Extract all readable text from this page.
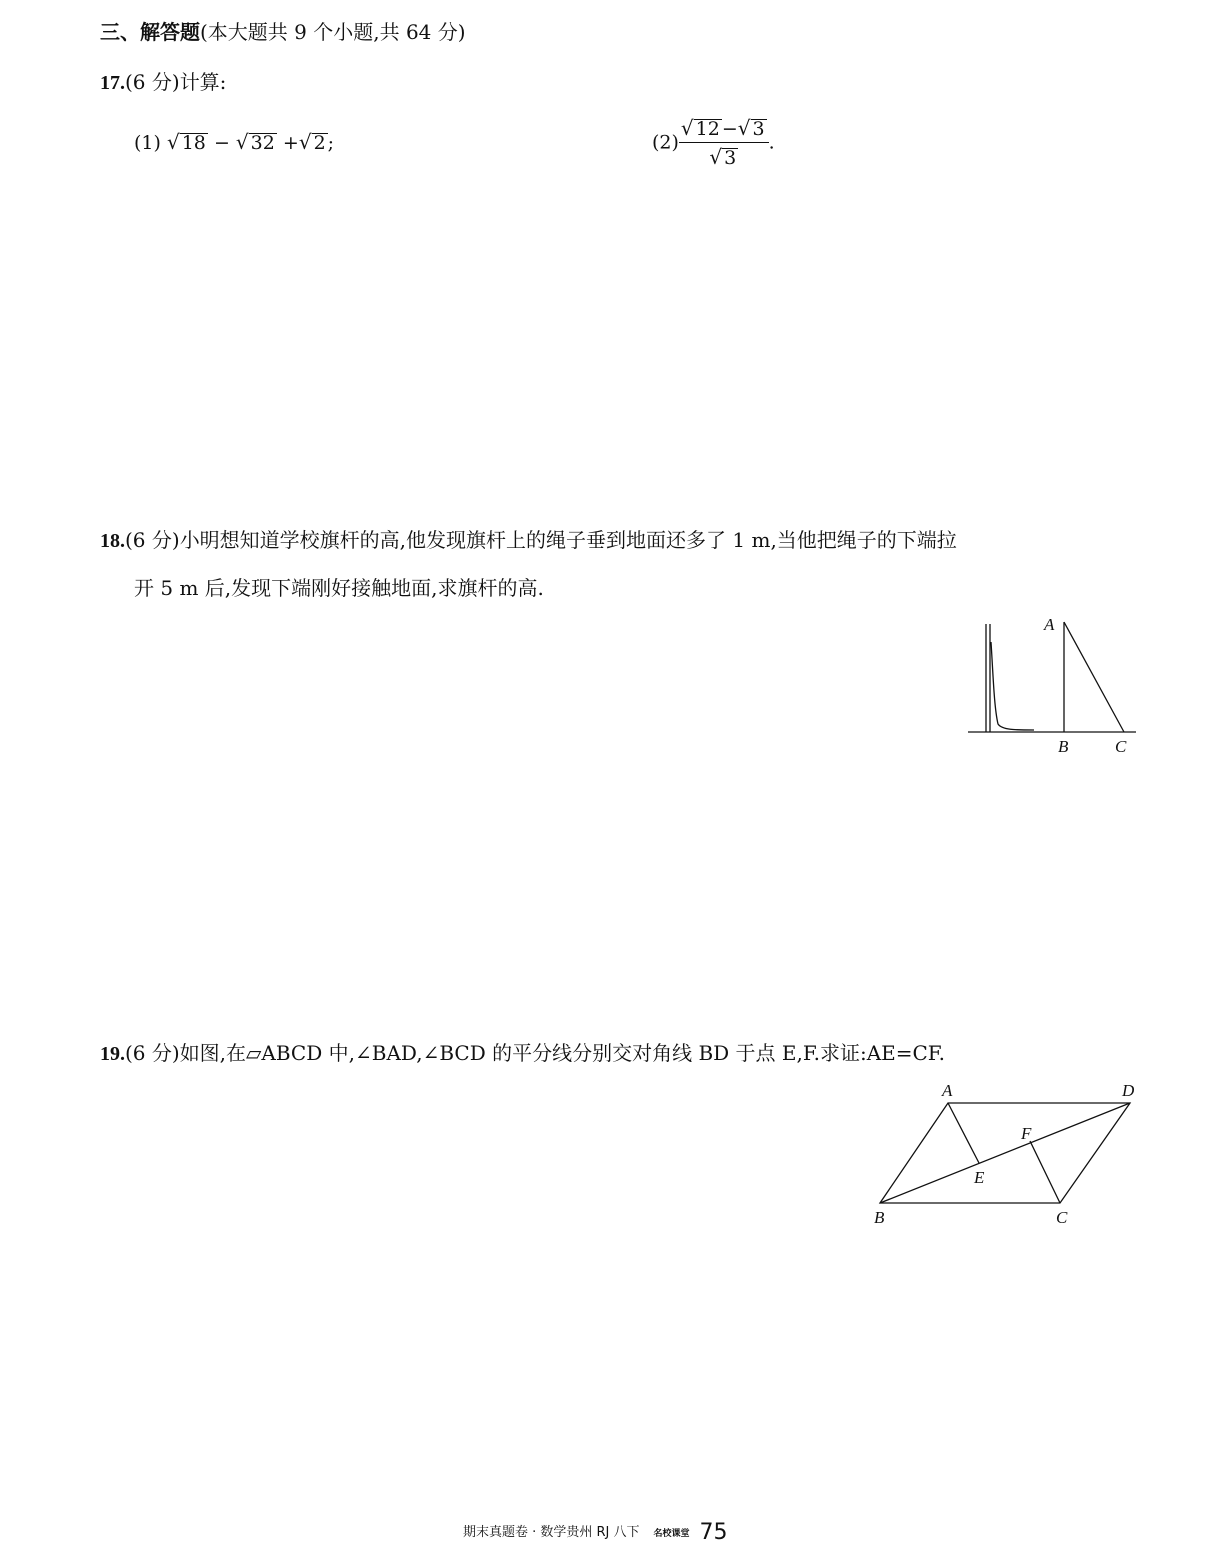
三、解答题(本大题共 9 个小题,共 64 分)
17.(6 分)计算:
(1) √ 18 − √ 32 +√ 2 ;	$(2) \frac{√ 12 -√ 3}{√ 3}$ .
18.(6 分)小明想知道学校旗杆的高,他发现旗杆上的绳子垂到地面还多了 1 m,当他把绳子的下端拉
开 5 m 后,发现下端刚好接触地面,求旗杆的高.
A
B	C
19.(6 分)如图,在▱ABCD 中,∠BAD,∠BCD 的平分线分别交对角线 BD 于点 E,F.求证:AE=CF.
A	D
B	C
E
F
期末真题卷 · 数学贵州 RJ 八下 名校课堂 75
